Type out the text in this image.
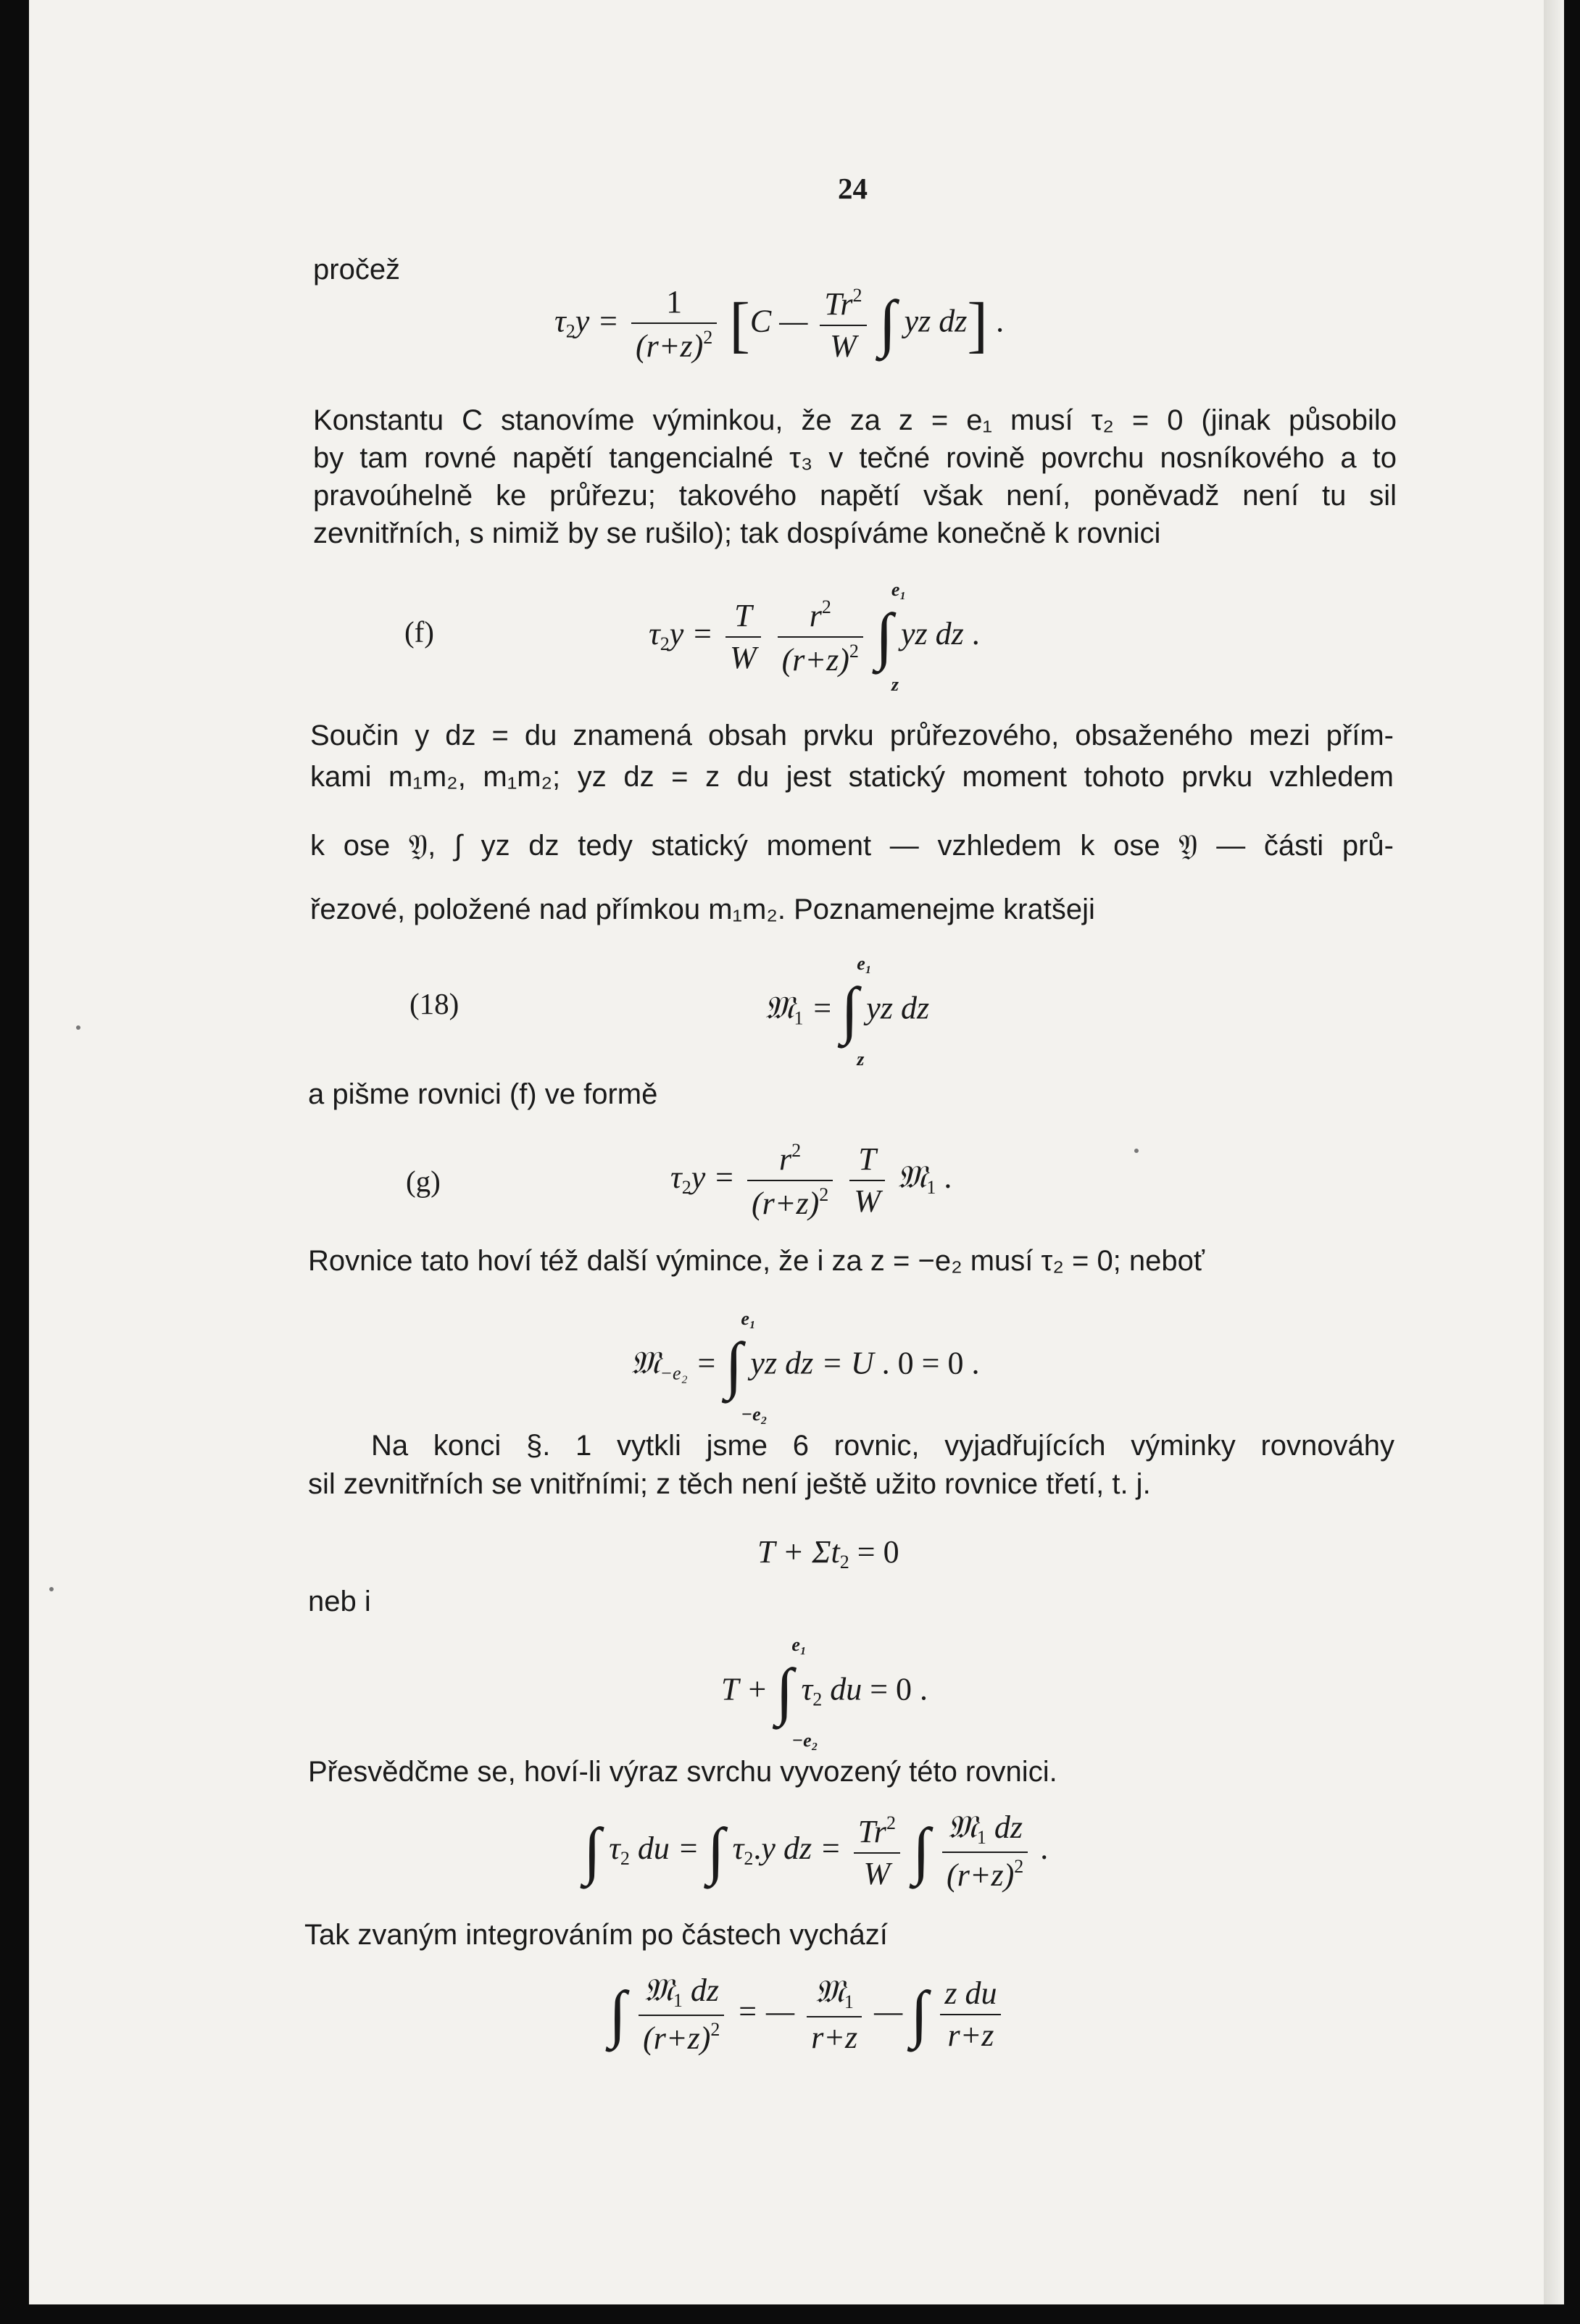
24
pročež
$\tau_2y = \frac{1}{(r+z)^2} [C$ — $\frac{Tr^2}{W}$ ∫ yz dz] .
Konstantu C stanovíme výminkou, že za z = e₁ musí τ₂ = 0 (jinak působilo
by tam rovné napětí tangencialné τ₃ v tečné rovině povrchu nosníkového a to
pravoúhelně ke průřezu; takového napětí však není, poněvadž není tu sil
zevnitřních, s nimiž by se rušilo); tak dospíváme konečně k rovnici
(f)	$\tau_2y = \frac{T}{W}$
$\frac{r^2}{(r+z)^2}$ ∫
e₁
z
yz dz .
Součin y dz = du znamená obsah prvku průřezového, obsaženého mezi přím-
kami m₁m₂, m₁m₂; yz dz = z du jest statický moment tohoto prvku vzhledem
k ose 𝔜, ∫ yz dz tedy statický moment — vzhledem k ose 𝔜 — části prů-
řezové, položené nad přímkou m₁m₂. Poznamenejme kratšeji
(18)	𝔐$_1$ = ∫
e₁
z
yz dz
a pišme rovnici (f) ve formě
(g)	$\tau_2y = \frac{r^2}{(r+z)^2}$
$\frac{T}{W}$ 𝔐$_1$ .
Rovnice tato hoví též další výmince, že i za z = −e₂ musí τ₂ = 0; neboť
𝔐$_{-e_2}$ = ∫
e₁
−e₂
yz dz = U . 0 = 0 .
Na konci §. 1 vytkli jsme 6 rovnic, vyjadřujících výminky rovnováhy
sil zevnitřních se vnitřními; z těch není ještě užito rovnice třetí, t. j.
$T + \Sigma t_2 = 0$
neb i
T + ∫
e₁
−e₂
$\tau_2$ du = 0 .
Přesvědčme se, hoví-li výraz svrchu vyvozený této rovnici.
∫ $\tau_2$ du = ∫ $\tau_2.y$ dz = $\frac{Tr^2}{W}$ ∫ $\frac{𝔐_1 dz}{(r+z)^2}$ .
Tak zvaným integrováním po částech vychází
∫ $\frac{𝔐_1 dz}{(r+z)^2}$ = — $\frac{𝔐_1}{r+z}$ — ∫ $\frac{\text{z du}}{r+z}$
